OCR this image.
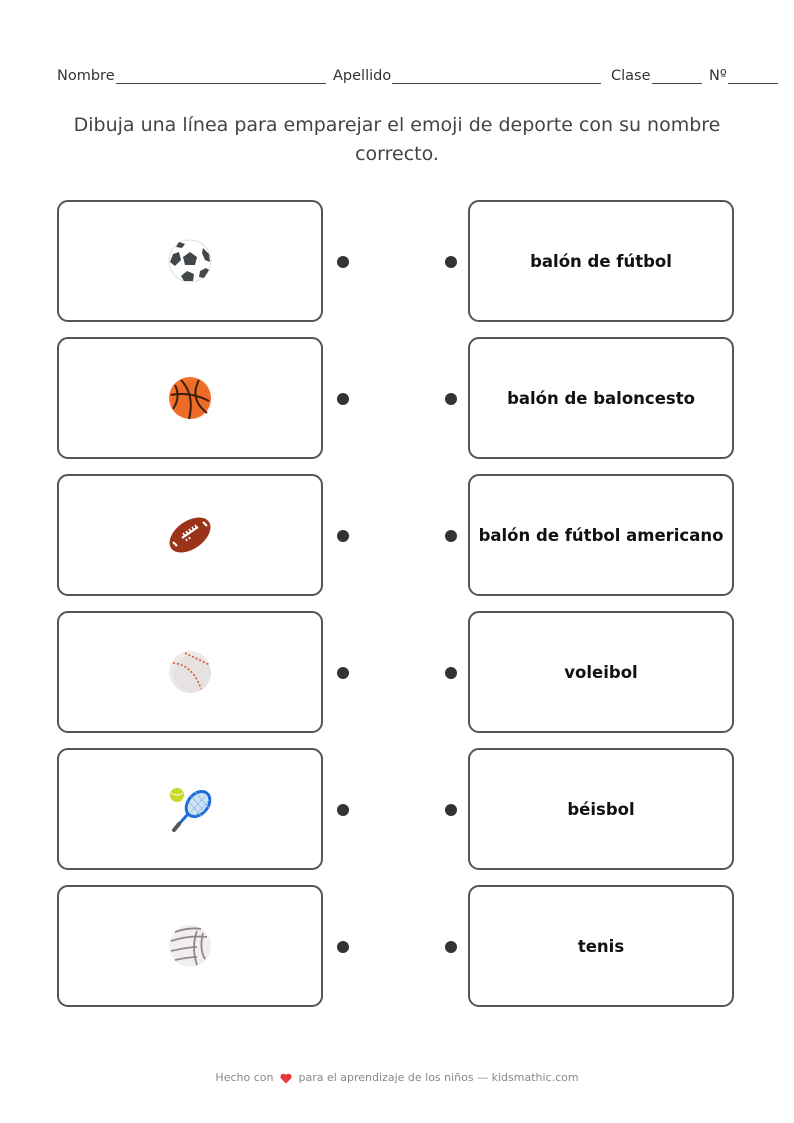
Nombre	Apellido	Clase	Nº
Dibuja una línea para emparejar el emoji de deporte con su nombre correcto.
balón de fútbol
balón de baloncesto
balón de fútbol americano
voleibol
béisbol
tenis
Hecho con para el aprendizaje de los niños — kidsmathic.com
